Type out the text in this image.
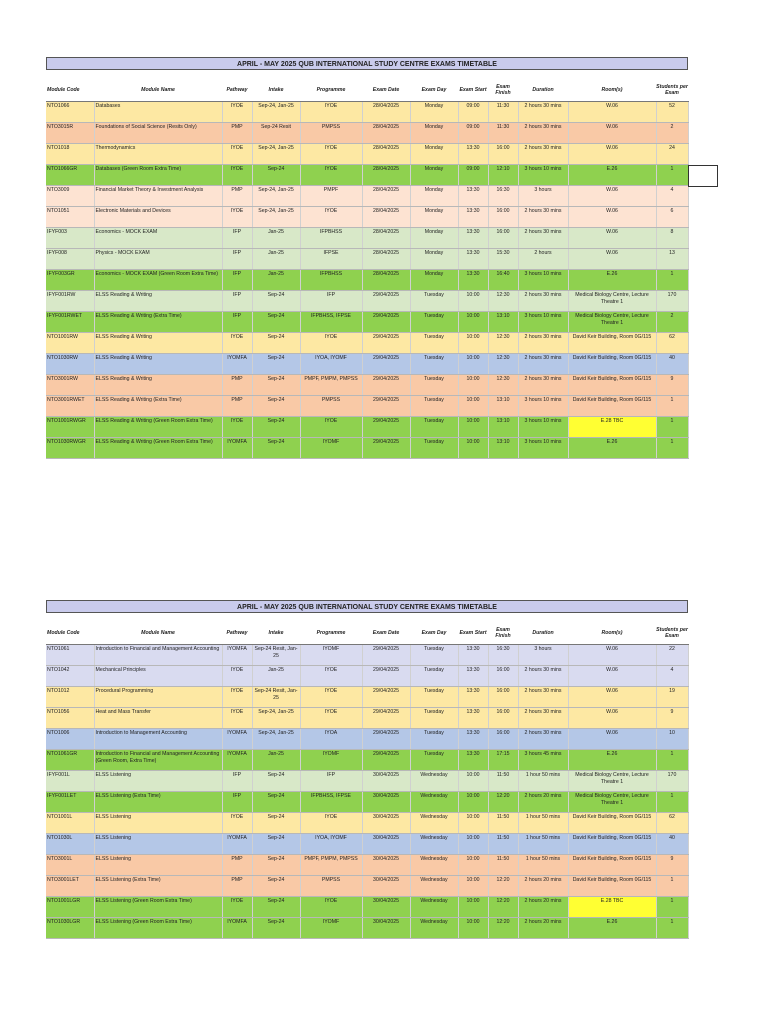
APRIL - MAY 2025 QUB INTERNATIONAL STUDY CENTRE EXAMS TIMETABLE
Module Code	Module Name	Pathway	Intake	Programme	Exam Date	Exam Day	Exam Start	Exam Finish	Duration	Room(s)	Students per Exam
NTO1066	Databases	IYOE	Sep-24, Jan-25	IYOE	28/04/2025	Monday	09:00	11:30	2 hours 30 mins	W.06	52
NTO3015R	Foundations of Social Science (Resits Only)	PMP	Sep-24 Resit	PMPSS	28/04/2025	Monday	09:00	11:30	2 hours 30 mins	W.06	2
NTO1018	Thermodynamics	IYOE	Sep-24, Jan-25	IYOE	28/04/2025	Monday	13:30	16:00	2 hours 30 mins	W.06	24
NTO1066GR	Databases (Green Room Extra Time)	IYOE	Sep-24	IYOE	28/04/2025	Monday	09:00	12:10	3 hours 10 mins	E.26	1
NTO3009	Financial Market Theory & Investment Analysis	PMP	Sep-24, Jan-25	PMPF	28/04/2025	Monday	13:30	16:30	3 hours	W.06	4
NTO1051	Electronic Materials and Devices	IYOE	Sep-24, Jan-25	IYOE	28/04/2025	Monday	13:30	16:00	2 hours 30 mins	W.06	6
IFYF003	Economics - MOCK EXAM	IFP	Jan-25	IFPBHSS	28/04/2025	Monday	13:30	16:00	2 hours 30 mins	W.06	8
IFYF008	Physics - MOCK EXAM	IFP	Jan-25	IFPSE	28/04/2025	Monday	13:30	15:30	2 hours	W.06	13
IFYF003GR	Economics - MOCK EXAM (Green Room Extra Time)	IFP	Jan-25	IFPBHSS	28/04/2025	Monday	13:30	16:40	3 hours 10 mins	E.26	1
IFYF001RW	ELSS Reading & Writing	IFP	Sep-24	IFP	29/04/2025	Tuesday	10:00	12:30	2 hours 30 mins	Medical Biology Centre, Lecture Theatre 1	170
IFYF001RWET	ELSS Reading & Writing (Extra Time)	IFP	Sep-24	IFPBHSS, IFPSE	29/04/2025	Tuesday	10:00	13:10	3 hours 10 mins	Medical Biology Centre, Lecture Theatre 1	2
NTO1001RW	ELSS Reading & Writing	IYOE	Sep-24	IYOE	29/04/2025	Tuesday	10:00	12:30	2 hours 30 mins	David Keir Building, Room 0G/115	62
NTO1030RW	ELSS Reading & Writing	IYOMFA	Sep-24	IYOA, IYOMF	29/04/2025	Tuesday	10:00	12:30	2 hours 30 mins	David Keir Building, Room 0G/115	40
NTO3001RW	ELSS Reading & Writing	PMP	Sep-24	PMPF, PMPM, PMPSS	29/04/2025	Tuesday	10:00	12:30	2 hours 30 mins	David Keir Building, Room 0G/115	9
NTO3001RWET	ELSS Reading & Writing (Extra Time)	PMP	Sep-24	PMPSS	29/04/2025	Tuesday	10:00	13:10	3 hours 10 mins	David Keir Building, Room 0G/115	1
NTO1001RWGR	ELSS Reading & Writing (Green Room Extra Time)	IYOE	Sep-24	IYOE	29/04/2025	Tuesday	10:00	13:10	3 hours 10 mins	E.28 TBC	1
NTO1030RWGR	ELSS Reading & Writing (Green Room Extra Time)	IYOMFA	Sep-24	IYOMF	29/04/2025	Tuesday	10:00	13:10	3 hours 10 mins	E.26	1
APRIL - MAY 2025 QUB INTERNATIONAL STUDY CENTRE EXAMS TIMETABLE
Module Code	Module Name	Pathway	Intake	Programme	Exam Date	Exam Day	Exam Start	Exam Finish	Duration	Room(s)	Students per Exam
NTO1061	Introduction to Financial and Management Accounting	IYOMFA	Sep-24 Resit, Jan-25	IYOMF	29/04/2025	Tuesday	13:30	16:30	3 hours	W.06	22
NTO1042	Mechanical Principles	IYOE	Jan-25	IYOE	29/04/2025	Tuesday	13:30	16:00	2 hours 30 mins	W.06	4
NTO1012	Procedural Programming	IYOE	Sep-24 Resit, Jan-25	IYOE	29/04/2025	Tuesday	13:30	16:00	2 hours 30 mins	W.06	19
NTO1056	Heat and Mass Transfer	IYOE	Sep-24, Jan-25	IYOE	29/04/2025	Tuesday	13:30	16:00	2 hours 30 mins	W.06	9
NTO1006	Introduction to Management Accounting	IYOMFA	Sep-24, Jan-25	IYOA	29/04/2025	Tuesday	13:30	16:00	2 hours 30 mins	W.06	10
NTO1061GR	Introduction to Financial and Management Accounting (Green Room, Extra Time)	IYOMFA	Jan-25	IYOMF	29/04/2025	Tuesday	13:30	17:15	3 hours 45 mins	E.26	1
IFYF001L	ELSS Listening	IFP	Sep-24	IFP	30/04/2025	Wednesday	10:00	11:50	1 hour 50 mins	Medical Biology Centre, Lecture Theatre 1	170
IFYF001LET	ELSS Listening (Extra Time)	IFP	Sep-24	IFPBHSS, IFPSE	30/04/2025	Wednesday	10:00	12:20	2 hours 20 mins	Medical Biology Centre, Lecture Theatre 1	1
NTO1001L	ELSS Listening	IYOE	Sep-24	IYOE	30/04/2025	Wednesday	10:00	11:50	1 hour 50 mins	David Keir Building, Room 0G/115	62
NTO1030L	ELSS Listening	IYOMFA	Sep-24	IYOA, IYOMF	30/04/2025	Wednesday	10:00	11:50	1 hour 50 mins	David Keir Building, Room 0G/115	40
NTO3001L	ELSS Listening	PMP	Sep-24	PMPF, PMPM, PMPSS	30/04/2025	Wednesday	10:00	11:50	1 hour 50 mins	David Keir Building, Room 0G/115	9
NTO3001LET	ELSS Listening (Extra Time)	PMP	Sep-24	PMPSS	30/04/2025	Wednesday	10:00	12:20	2 hours 20 mins	David Keir Building, Room 0G/115	1
NTO1001LGR	ELSS Listening (Green Room Extra Time)	IYOE	Sep-24	IYOE	30/04/2025	Wednesday	10:00	12:20	2 hours 20 mins	E.28 TBC	1
NTO1030LGR	ELSS Listening (Green Room Extra Time)	IYOMFA	Sep-24	IYOMF	30/04/2025	Wednesday	10:00	12:20	2 hours 20 mins	E.26	1
